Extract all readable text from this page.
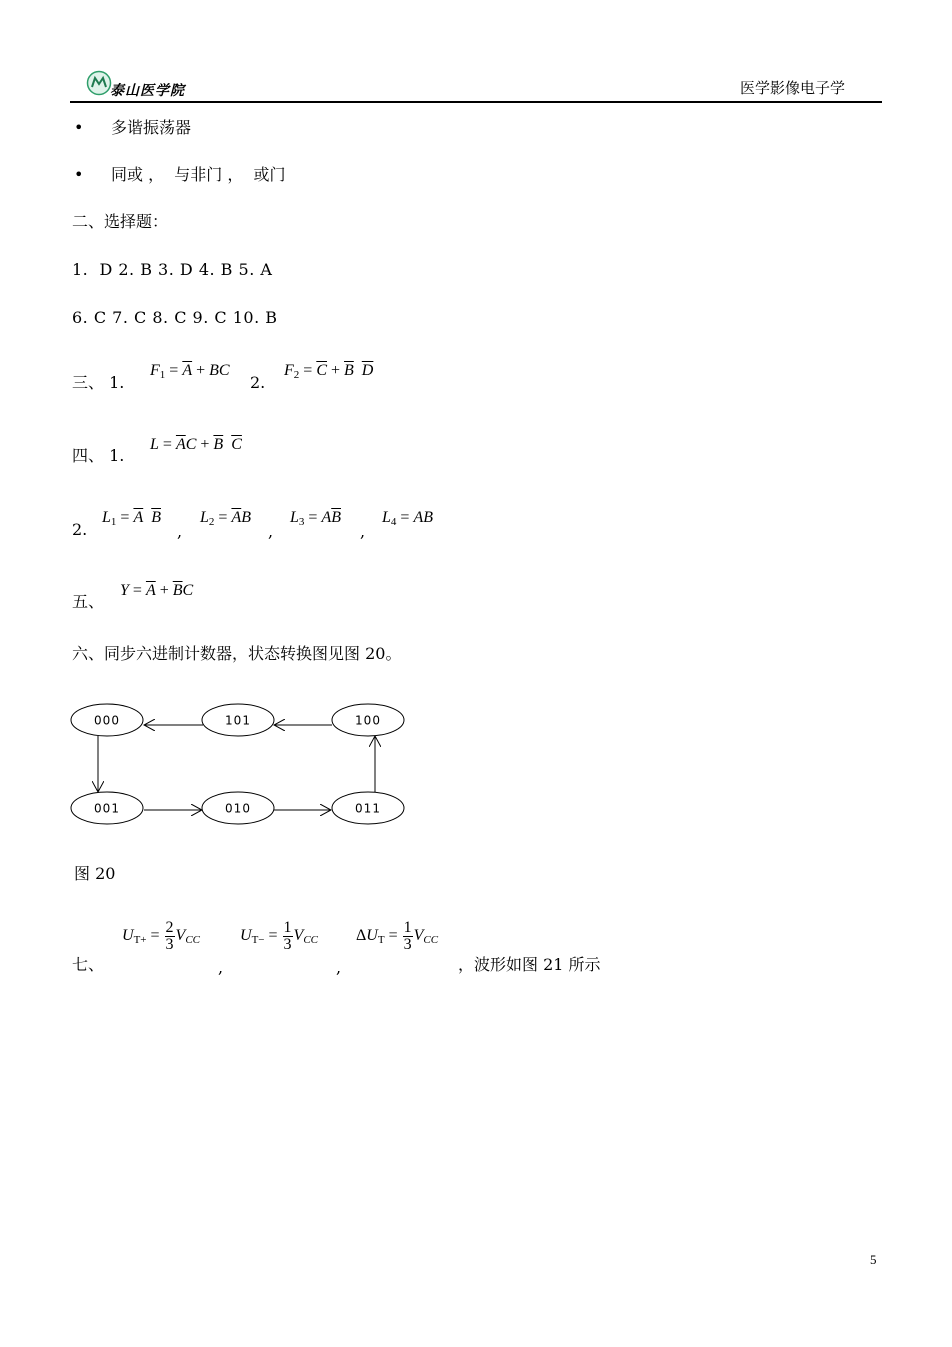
泰山医学院	医学影像电子学
• 多谐振荡器
• 同或 ，  与非门 ，  或门
二、选择题：
1.  D 2. B 3. D 4. B 5. A
6. C 7. C 8. C 9. C 10. B
三、 1.
$F_1 = \overline{A}$ + BC
2.
$F_2 = \overline{C} + \overline{B}$ $\overline{D}$
四、 1.
$L = \overline{A}C + \overline{B}$ $\overline{C}$
2.
$L_1 = \overline{A}$ $\overline{B}$
,
$L_2 = \overline{A}B$
,
$L_3 = A\overline{B}$
,
$L_4$ = AB
五、
$Y = \overline{A} + \overline{B}C$
六、同步六进制计数器，状态转换图见图 20。
000	101	100
001	010	011
图 20
七、
$U_{T+} = \frac{2}{3} V_{CC}$
,
$U_{T-} = \frac{1}{3} V_{CC}$
,
$\Delta U_T = \frac{1}{3} V_{CC}$
，波形如图 21 所示
5
